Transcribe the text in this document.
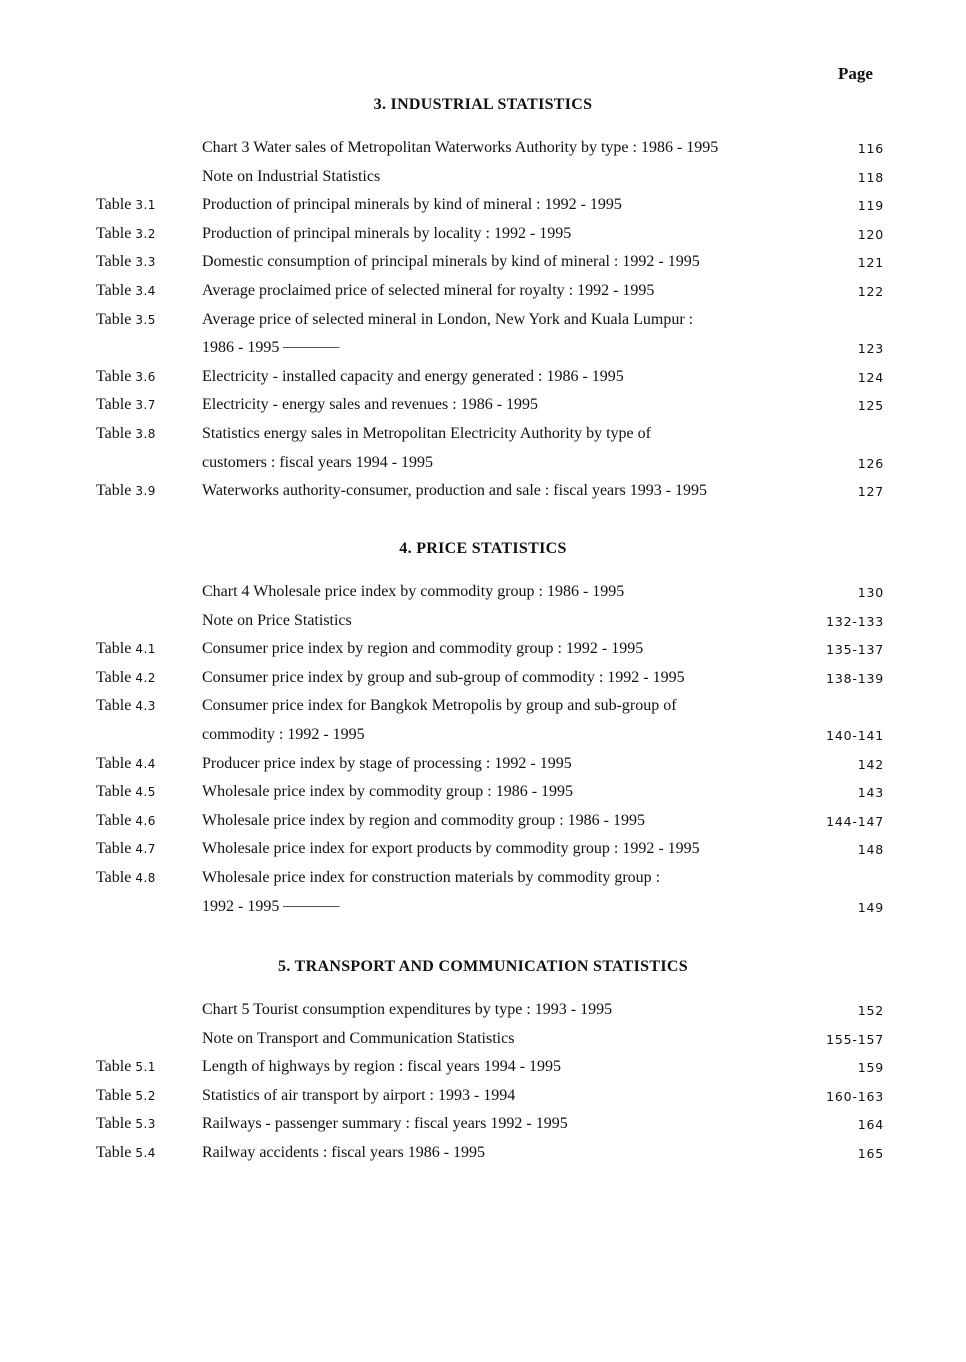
Page
3. INDUSTRIAL STATISTICS
Chart 3 Water sales of Metropolitan Waterworks Authority by type : 1986 - 1995	116
Note on Industrial Statistics . . .	118
Table 3.1	Production of principal minerals by kind of mineral : 1992 - 1995 . . .	119
Table 3.2	Production of principal minerals by locality : 1992 - 1995 . . .	120
Table 3.3	Domestic consumption of principal minerals by kind of mineral : 1992 - 1995	121
Table 3.4	Average proclaimed price of selected mineral for royalty : 1992 - 1995 . . .	122
Table 3.5	Average price of selected mineral in London, New York and Kuala Lumpur :
1986 - 1995 . . .	123
Table 3.6	Electricity - installed capacity and energy generated : 1986 - 1995 . . .	124
Table 3.7	Electricity - energy sales and revenues : 1986 - 1995 . . .	125
Table 3.8	Statistics energy sales in Metropolitan Electricity Authority by type of
customers : fiscal years 1994 - 1995 . . .	126
Table 3.9	Waterworks authority-consumer, production and sale : fiscal years 1993 - 1995	127
4. PRICE STATISTICS
Chart 4 Wholesale price index by commodity group : 1986 - 1995 . . .	130
Note on Price Statistics . . .	132-133
Table 4.1	Consumer price index by region and commodity group : 1992 - 1995 . . .	135-137
Table 4.2	Consumer price index by group and sub-group of commodity : 1992 - 1995	138-139
Table 4.3	Consumer price index for Bangkok Metropolis by group and sub-group of
commodity : 1992 - 1995 . . .	140-141
Table 4.4	Producer price index by stage of processing : 1992 - 1995 . . .	142
Table 4.5	Wholesale price index by commodity group : 1986 - 1995 . . .	143
Table 4.6	Wholesale price index by region and commodity group : 1986 - 1995 . . .	144-147
Table 4.7	Wholesale price index for export products by commodity group : 1992 - 1995	148
Table 4.8	Wholesale price index for construction materials by commodity group :
1992 - 1995 . . .	149
5. TRANSPORT AND COMMUNICATION STATISTICS
Chart 5 Tourist consumption expenditures by type : 1993 - 1995 . . .	152
Note on Transport and Communication Statistics . . .	155-157
Table 5.1	Length of highways by region : fiscal years 1994 - 1995 . . .	159
Table 5.2	Statistics of air transport by airport : 1993 - 1994 . . .	160-163
Table 5.3	Railways - passenger summary : fiscal years 1992 - 1995 . . .	164
Table 5.4	Railway accidents : fiscal years 1986 - 1995 . . .	165
